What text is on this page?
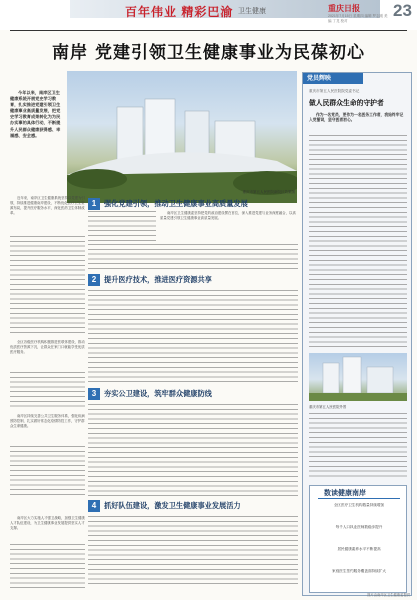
百年伟业 精彩巴渝 卫生健康	重庆日报 23
2021年7月15日 星期四 编辑 罗志刚 美编 丁龙 校对
南岸 党建引领卫生健康事业为民葆初心
今年以来，南岸区卫生健康系统开展党史学习教育，扎实推进党建引领卫生健康事业高质量发展，把党史学习教育成果转化为为民办实事的具体行动，不断提升人民群众健康获得感、幸福感、安全感。
重庆市第五人民医院新院区效果图
近年来，南岸区卫生健康系统坚持以党建为引领，持续推进健康南岸建设，不断优化医疗卫生资源布局，提升医疗服务水平，深化医药卫生体制改革。
1	强化党建引领，推动卫生健康事业高质量发展
南岸区卫生健康委坚持把党的政治建设摆在首位，深入推进党建与业务深度融合，以高质量党建引领卫生健康事业高质量发展。
2	提升医疗技术，推进医疗资源共享
全区各级医疗机构积极推进医联体建设，推动优质医疗资源下沉，让群众在家门口就能享受优质医疗服务。
3	夯实公卫建设，筑牢群众健康防线
南岸区持续完善公共卫生服务体系，强化疾病预防控制，扎实做好常态化疫情防控工作，守护群众生命健康。
4	抓好队伍建设，激发卫生健康事业发展活力
南岸区大力实施人才强卫战略，加强卫生健康人才队伍建设，为卫生健康事业发展提供坚实人才支撑。
党员辉映
重庆市第五人民医院院党委书记
做人民群众生命的守护者
作为一名党员，更作为一名医务工作者，我始终牢记入党誓词，坚守医者初心。
重庆市第五人民医院外景
数读健康南岸
全区医疗卫生机构数量持续增加
每千人口执业医师数稳步提升
居民健康素养水平不断提高
家庭医生签约服务覆盖面持续扩大
图片由南岸区卫生健康委提供
